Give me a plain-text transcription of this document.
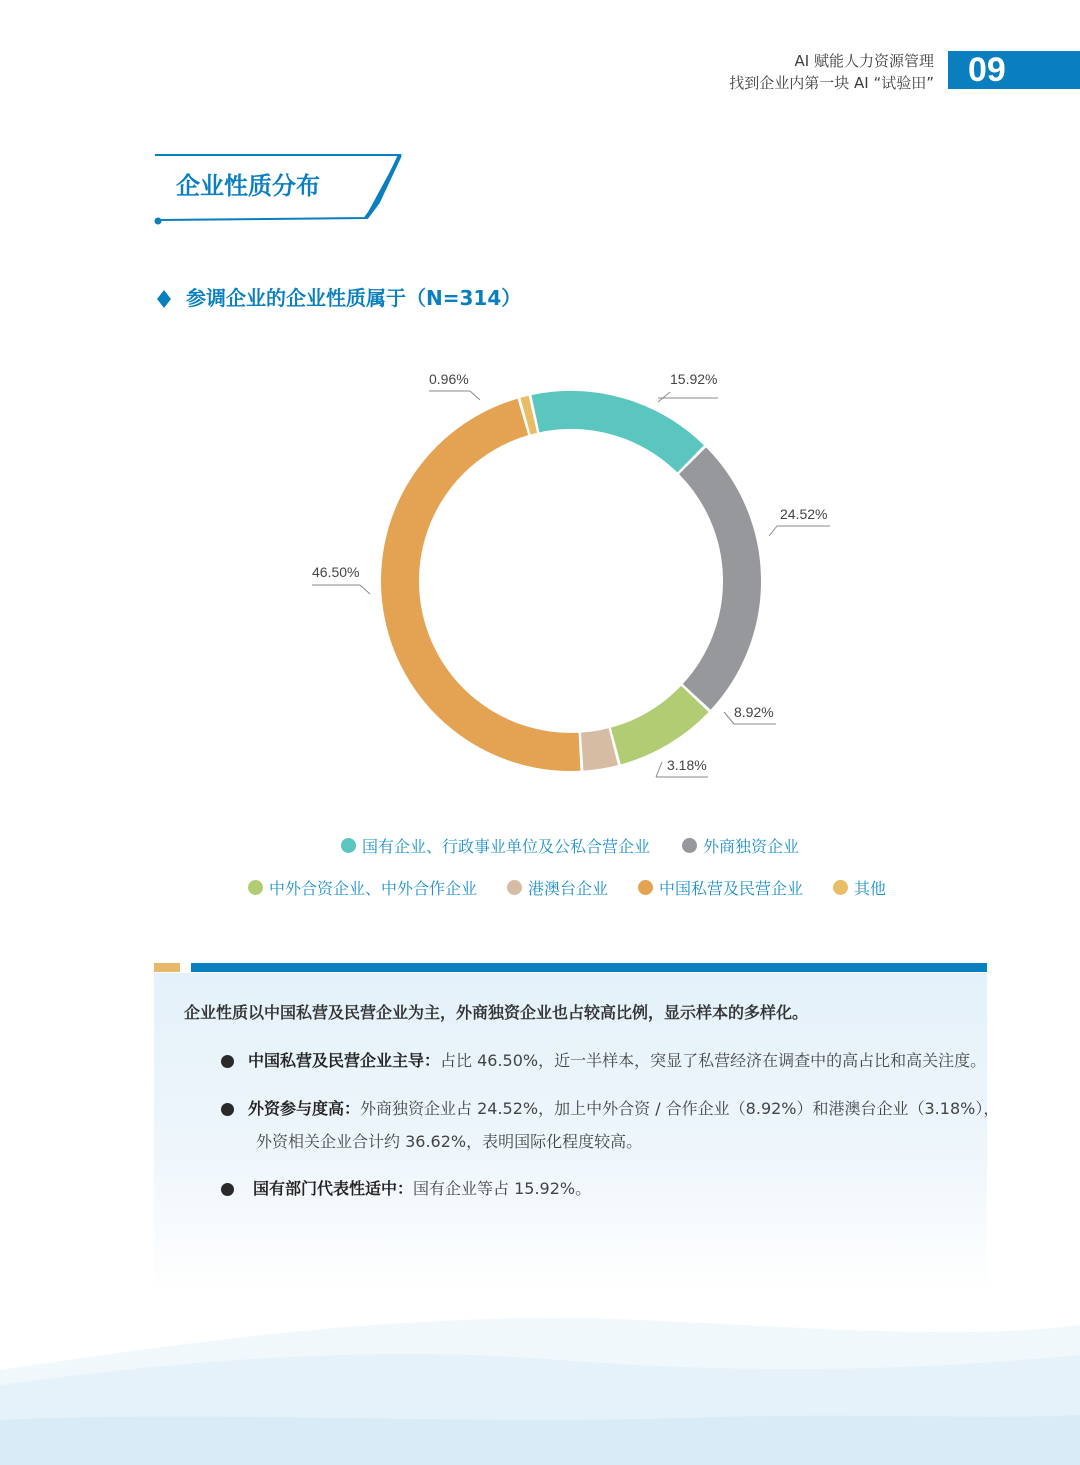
AI 赋能人力资源管理
找到企业内第一块 AI “试验田” 09
企业性质分布
参调企业的企业性质属于（N=314）
15.92%
24.52%
8.92%
3.18%
46.50%
0.96%
国有企业、行政事业单位及公私合营企业	外商独资企业
中外合资企业、中外合作企业	港澳台企业	中国私营及民营企业	其他
企业性质以中国私营及民营企业为主，外商独资企业也占较高比例，显示样本的多样化。
中国私营及民营企业主导：占比 46.50%，近一半样本，突显了私营经济在调查中的高占比和高关注度。
外资参与度高：外商独资企业占 24.52%，加上中外合资 / 合作企业（8.92%）和港澳台企业（3.18%），
外资相关企业合计约 36.62%，表明国际化程度较高。
国有部门代表性适中：国有企业等占 15.92%。
